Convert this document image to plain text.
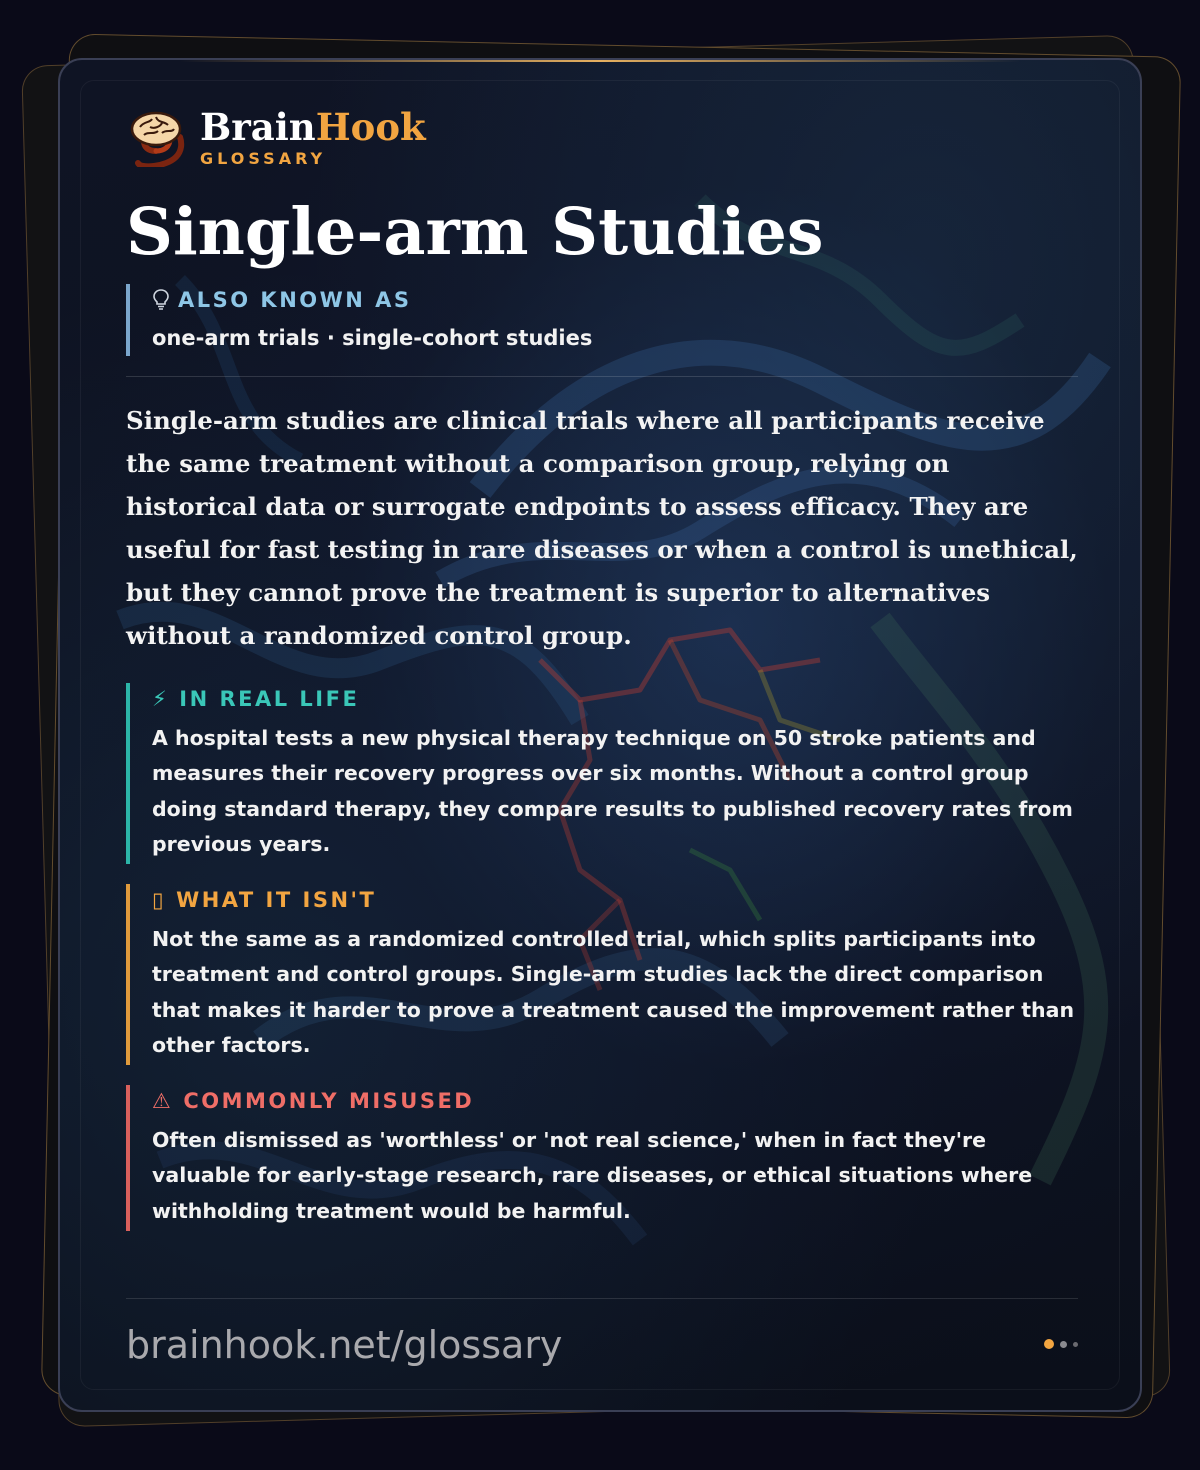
BrainHook
GLOSSARY
Single-arm Studies
ALSO KNOWN AS
one-arm trials · single-cohort studies
Single-arm studies are clinical trials where all participants receive the same treatment without a comparison group, relying on historical data or surrogate endpoints to assess efficacy. They are useful for fast testing in rare diseases or when a control is unethical, but they cannot prove the treatment is superior to alternatives without a randomized control group.
⚡ IN REAL LIFE
A hospital tests a new physical therapy technique on 50 stroke patients and measures their recovery progress over six months. Without a control group doing standard therapy, they compare results to published recovery rates from previous years.
▯ WHAT IT ISN'T
Not the same as a randomized controlled trial, which splits participants into treatment and control groups. Single-arm studies lack the direct comparison that makes it harder to prove a treatment caused the improvement rather than other factors.
⚠ COMMONLY MISUSED
Often dismissed as 'worthless' or 'not real science,' when in fact they're valuable for early-stage research, rare diseases, or ethical situations where withholding treatment would be harmful.
brainhook.net/glossary
